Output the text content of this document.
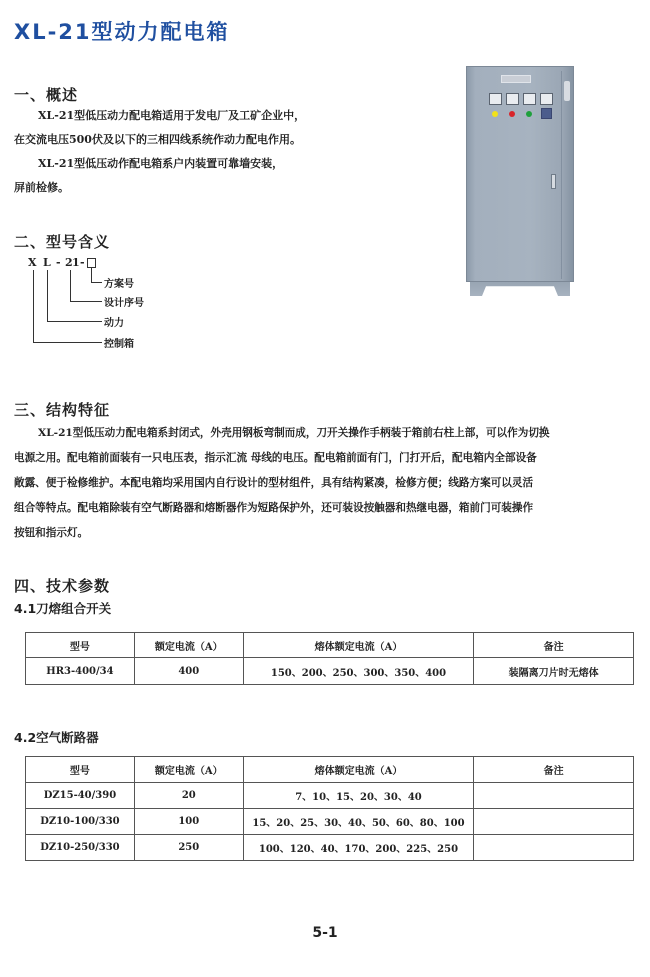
XL-21型动力配电箱
一、概述

XL-21型低压动力配电箱适用于发电厂及工矿企业中，

在交流电压500伏及以下的三相四线系统作动力配电作用。

XL-21型低压动作配电箱系户内装置可靠墙安装，

屏前检修。

二、型号含义
X L - 2 1 -
方案号
设计序号
动力
控制箱
三、结构特征

XL-21型低压动力配电箱系封闭式，外壳用钢板弯制而成，刀开关操作手柄装于箱前右柱上部，可以作为切换

电源之用。配电箱前面装有一只电压表，指示汇流 母线的电压。配电箱前面有门，门打开后，配电箱内全部设备

敞露、便于检修维护。本配电箱均采用国内自行设计的型材组件，具有结构紧凑，检修方便；线路方案可以灵活

组合等特点。配电箱除装有空气断路器和熔断器作为短路保护外，还可装设按触器和热继电器，箱前门可装操作

按钮和指示灯。

四、技术参数
4.1刀熔组合开关
型号	额定电流（A）	熔体额定电流（A）	备注
HR3-400/34	400	150、200、250、300、350、400	装隔离刀片时无熔体
4.2空气断路器
型号	额定电流（A）	熔体额定电流（A）	备注
DZ15-40/390	20	7、10、15、20、30、40	
DZ10-100/330	100	15、20、25、30、40、50、60、80、100	
DZ10-250/330	250	100、120、40、170、200、225、250	
5-1
